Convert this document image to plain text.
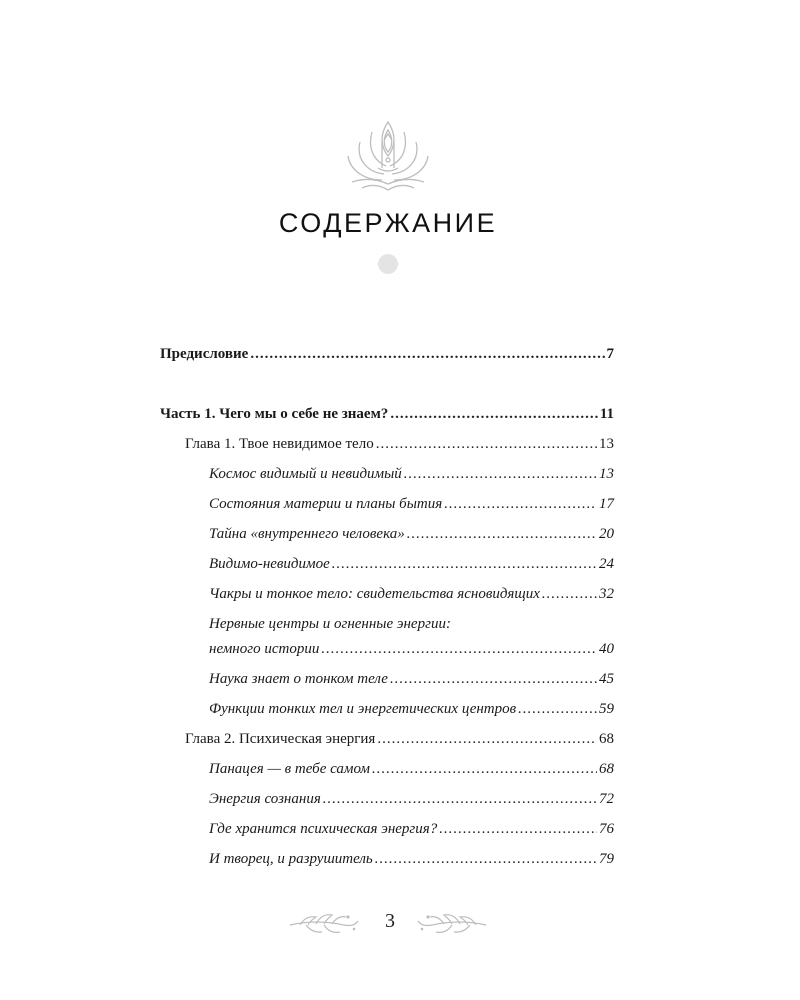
СОДЕРЖАНИЕ
Предисловие .....	7
Часть 1. Чего мы о себе не знаем? .....	11
Глава 1. Твое невидимое тело .....	13
Космос видимый и невидимый .....	13
Состояния материи и планы бытия .....	17
Тайна «внутреннего человека» .....	20
Видимо-невидимое .....	24
Чакры и тонкое тело: свидетельства ясновидящих .....	32
Нервные центры и огненные энергии:
немного истории .....	40
Наука знает о тонком теле .....	45
Функции тонких тел и энергетических центров .....	59
Глава 2. Психическая энергия .....	68
Панацея — в тебе самом .....	68
Энергия сознания .....	72
Где хранится психическая энергия? .....	76
И творец, и разрушитель .....	79
3
